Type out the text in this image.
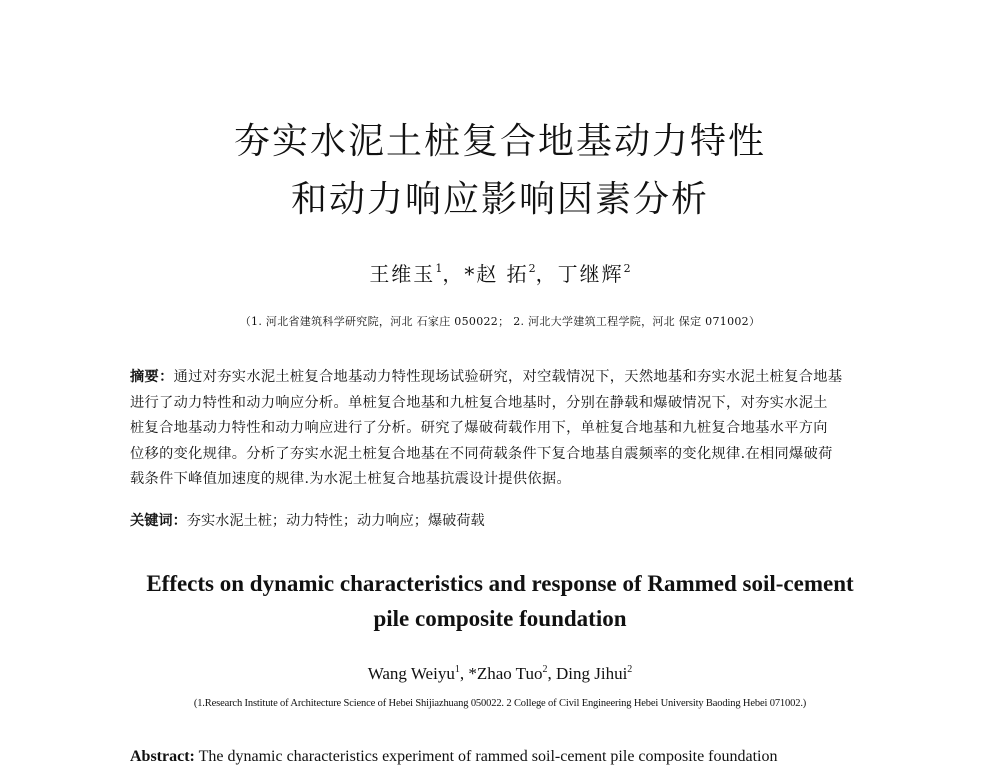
夯实水泥土桩复合地基动力特性
和动力响应影响因素分析
王维玉$^1$，*赵 拓$^2$，丁继辉$^2$
（1. 河北省建筑科学研究院，河北 石家庄 050022； 2. 河北大学建筑工程学院，河北 保定 071002）
摘要：通过对夯实水泥土桩复合地基动力特性现场试验研究，对空载情况下，天然地基和夯实水泥土桩复合地基
进行了动力特性和动力响应分析。单桩复合地基和九桩复合地基时，分别在静载和爆破情况下，对夯实水泥土
桩复合地基动力特性和动力响应进行了分析。研究了爆破荷载作用下，单桩复合地基和九桩复合地基水平方向
位移的变化规律。分析了夯实水泥土桩复合地基在不同荷载条件下复合地基自震频率的变化规律.在相同爆破荷
载条件下峰值加速度的规律.为水泥土桩复合地基抗震设计提供依据。
关键词：夯实水泥土桩；动力特性；动力响应；爆破荷载
Effects on dynamic characteristics and response of Rammed soil-cement
pile composite foundation
Wang Weiyu$^1$, *Zhao Tuo$^2$, Ding Jihui$^2$
(1.Research Institute of Architecture Science of Hebei Shijiazhuang 050022. 2 College of Civil Engineering Hebei University Baoding Hebei 071002.)
Abstract: The dynamic characteristics experiment of rammed soil-cement pile composite foundation
